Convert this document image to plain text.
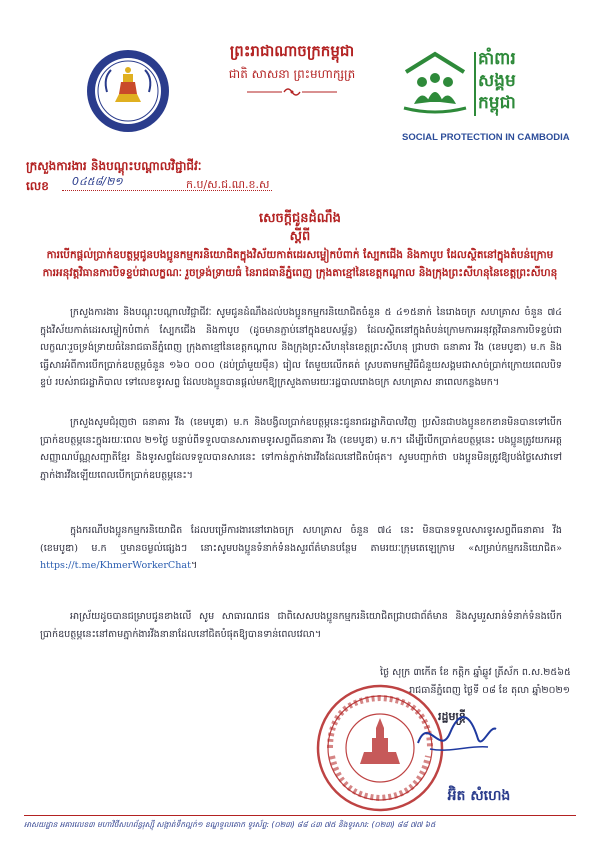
ព្រះរាជាណាចក្រកម្ពុជា
ជាតិ សាសនា ព្រះមហាក្សត្រ
គាំពារ
សង្គម
កម្ពុជា
SOCIAL PROTECTION IN CAMBODIA
ក្រសួងការងារ និងបណ្តុះបណ្តាលវិជ្ជាជីវៈ
លេខ 0៤៥៨/២១	ក.ប/ស.ជ.ណ.ខ.ស
សេចក្តីជូនដំណឹង
ស្តីពី
ការបើកផ្តល់ប្រាក់ឧបត្ថម្ភជូនបងប្អូនកម្មករនិយោជិតក្នុងវិស័យកាត់ដេរសម្លៀកបំពាក់ ស្បែកជើង និងកាបូប ដែលស្ថិតនៅក្នុងតំបន់ក្រោមការអនុវត្តវិធានការបិទខ្ទប់ជាលក្ខណៈ រួចទ្រង់ទ្រាយធំ នៃរាជធានីភ្នំពេញ ក្រុងតាខ្មៅនៃខេត្តកណ្តាល និងក្រុងព្រះសីហនុនៃខេត្តព្រះសីហនុ
ក្រសួងការងារ និងបណ្តុះបណ្តាលវិជ្ជាជីវៈ សូមជូនដំណឹងដល់បងប្អូនកម្មករនិយោជិតចំនួន ៥ ៤១៥នាក់ នៃរោងចក្រ សហគ្រាស ចំនួន ៧៤ ក្នុងវិស័យកាត់ដេរសម្លៀកបំពាក់ ស្បែកជើង និងកាបូប (ដូចមានភ្ជាប់នៅក្នុងឧបសម្ព័ន្ធ) ដែលស្ថិតនៅក្នុងតំបន់ក្រោមការអនុវត្តវិធានការបិទខ្ទប់ជាលក្ខណៈរួចទ្រង់ទ្រាយធំនៃរាជធានីភ្នំពេញ ក្រុងតាខ្មៅនៃខេត្តកណ្តាល និងក្រុងព្រះសីហនុនៃខេត្តព្រះសីហនុ ជ្រាបថា ធនាគារ វីង (ខេមបូឌា) ម.ក និងធ្វើសារអំពីការបើកប្រាក់ឧបត្ថម្ភចំនួន ១៦០ ០០០ (ដប់ប្រាំមួយម៉ឺន) រៀល តែមួយលើកគត់ ស្របតាមកម្មវិធីជំនួយសង្គមជាសាច់ប្រាក់ក្រោយពេលបិទខ្ទប់ របស់រាជរដ្ឋាភិបាល ទៅលេខទូរសព្ទ ដែលបងប្អូនបានផ្តល់មកឱ្យក្រសួងតាមរយៈរដ្ឋបាលរោងចក្រ សហគ្រាស នាពេលកន្លងមក។
ក្រសួងសូមជំរុញថា ធនាគារ វីង (ខេមបូឌា) ម.ក និងបង្វិលប្រាក់ឧបត្ថម្ភនេះជូនរាជរដ្ឋាភិបាលវិញ ប្រសិនជាបងប្អូនខកខានមិនបានទៅបើកប្រាក់ឧបត្ថម្ភនេះក្នុងរយៈពេល ២១ថ្ងៃ បន្ទាប់ពីទទួលបានសារតាមទូរសព្ទពីធនាគារ វីង (ខេមបូឌា) ម.ក។ ដើម្បីបើកប្រាក់ឧបត្ថម្ភនេះ បងប្អូនត្រូវយកអត្តសញ្ញាណប័ណ្ណសញ្ជាតិខ្មែរ និងទូរសព្ទដែលទទួលបានសារនេះ ទៅកាន់ភ្នាក់ងារវីងដែលនៅជិតបំផុត។ សូមបញ្ជាក់ថា បងប្អូនមិនត្រូវឱ្យបង់ថ្លៃសេវាទៅភ្នាក់ងារវីងឡើយពេលបើកប្រាក់ឧបត្ថម្ភនេះ។
ក្នុងករណីបងប្អូនកម្មករនិយោជិត ដែលបម្រើការងារនៅរោងចក្រ សហគ្រាស ចំនួន ៧៤ នេះ មិនបានទទួលសារទូរសព្ទពីធនាគារ វីង (ខេមបូឌា) ម.ក ឬមានចម្ងល់ផ្សេងៗ នោះសូមបងប្អូនទំនាក់ទំនងសួរព័ត៌មានបន្ថែម តាមរយៈក្រុមតេឡេក្រាម «សម្រាប់កម្មករនិយោជិត» https://t.me/KhmerWorkerChat។
អាស្រ័យដូចបានជម្រាបជូនខាងលើ សូម សាធារណជន ជាពិសេសបងប្អូនកម្មករនិយោជិតជ្រាបជាព័ត៌មាន និងសូមរួសរាន់ទំនាក់ទំនងបើកប្រាក់ឧបត្ថម្ភនេះនៅតាមភ្នាក់ងារវីងនានាដែលនៅជិតបំផុតឱ្យបានទាន់ពេលវេលា។
ថ្ងៃ សុក្រ ៣កើត ខែ កត្តិក ឆ្នាំឆ្លូវ ត្រីស័ក ព.ស.២៥៦៥
រាជធានីភ្នំពេញ ថ្ងៃទី ០៨ ខែ តុលា ឆ្នាំ២០២១
រដ្ឋមន្ត្រី
អ៊ិត សំហេង
អាសយដ្ឋាន អគារលេខ៣ មហាវិថីសហព័ន្ធរុស្ស៊ី សង្កាត់ទឹកល្អក់១ ខណ្ឌទួលគោក ទូរស័ព្ទ: (០២៣) ៨៨ ៤៣ ៧៥ និងទូរសារ: (០២៣) ៨៨ ៧៧ ៦៥
